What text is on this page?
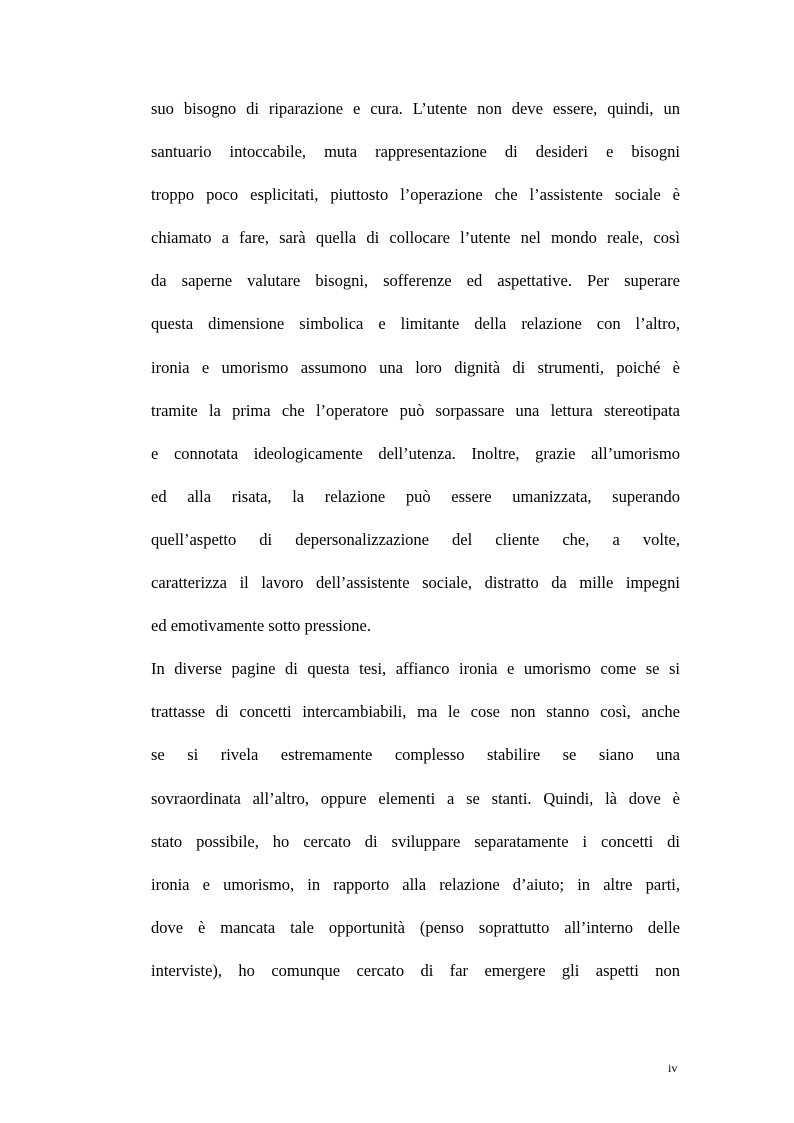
suo bisogno di riparazione e cura. L’utente non deve essere, quindi, un
santuario intoccabile, muta rappresentazione di desideri e bisogni
troppo poco esplicitati, piuttosto l’operazione che l’assistente sociale è
chiamato a fare, sarà quella di collocare l’utente nel mondo reale, così
da saperne valutare bisogni, sofferenze ed aspettative. Per superare
questa dimensione simbolica e limitante della relazione con l’altro,
ironia e umorismo assumono una loro dignità di strumenti, poiché è
tramite la prima che l’operatore può sorpassare una lettura stereotipata
e connotata ideologicamente dell’utenza. Inoltre, grazie all’umorismo
ed alla risata, la relazione può essere umanizzata, superando
quell’aspetto di depersonalizzazione del cliente che, a volte,
caratterizza il lavoro dell’assistente sociale, distratto da mille impegni
ed emotivamente sotto pressione.
In diverse pagine di questa tesi, affianco ironia e umorismo come se si
trattasse di concetti intercambiabili, ma le cose non stanno così, anche
se si rivela estremamente complesso stabilire se siano una
sovraordinata all’altro, oppure elementi a se stanti. Quindi, là dove è
stato possibile, ho cercato di sviluppare separatamente i concetti di
ironia e umorismo, in rapporto alla relazione d’aiuto; in altre parti,
dove è mancata tale opportunità (penso soprattutto all’interno delle
interviste), ho comunque cercato di far emergere gli aspetti non
iv
